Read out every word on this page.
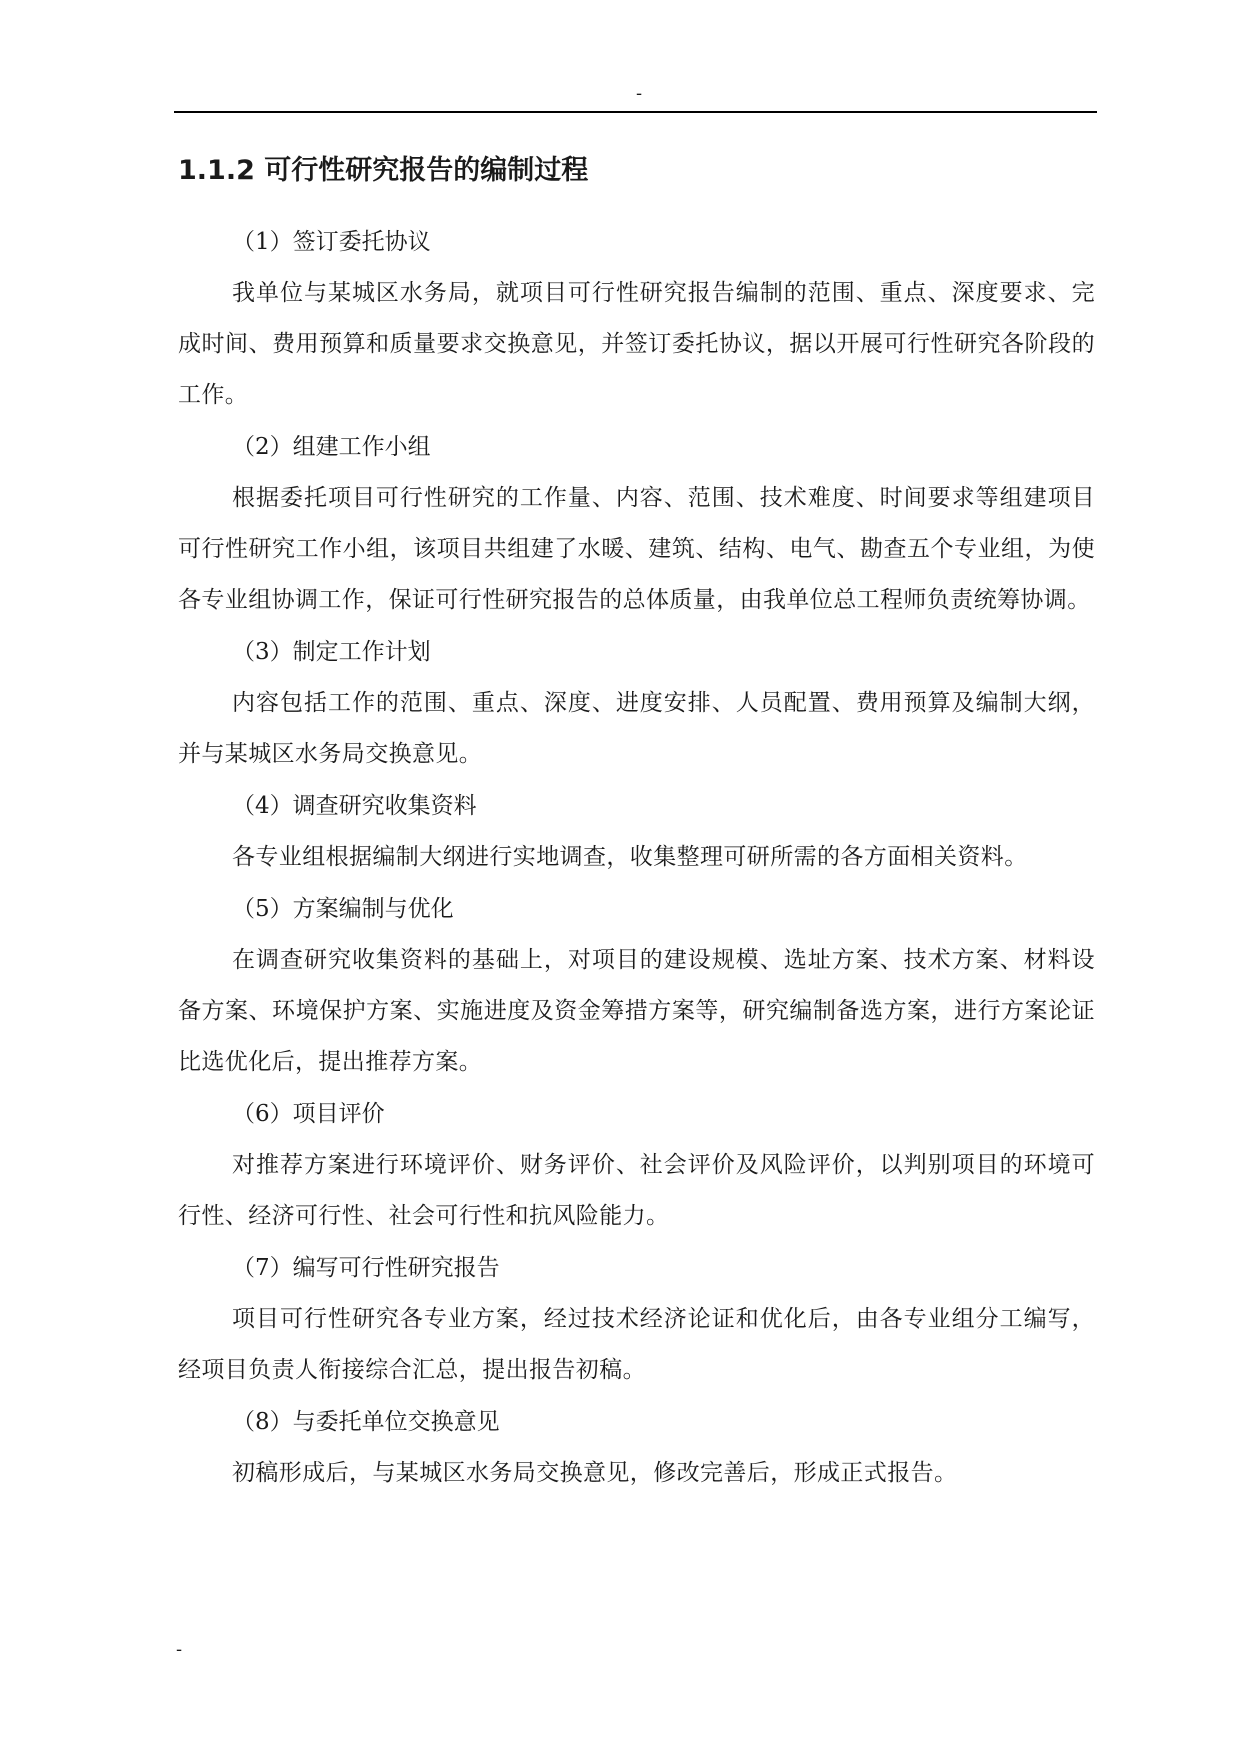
-
1.1.2 可行性研究报告的编制过程

（1）签订委托协议

我单位与某城区水务局，就项目可行性研究报告编制的范围、重点、深度要求、完成时间、费用预算和质量要求交换意见，并签订委托协议，据以开展可行性研究各阶段的工作。

（2）组建工作小组

根据委托项目可行性研究的工作量、内容、范围、技术难度、时间要求等组建项目可行性研究工作小组，该项目共组建了水暖、建筑、结构、电气、勘查五个专业组，为使各专业组协调工作，保证可行性研究报告的总体质量，由我单位总工程师负责统筹协调。

（3）制定工作计划

内容包括工作的范围、重点、深度、进度安排、人员配置、费用预算及编制大纲，并与某城区水务局交换意见。

（4）调查研究收集资料

各专业组根据编制大纲进行实地调查，收集整理可研所需的各方面相关资料。

（5）方案编制与优化

在调查研究收集资料的基础上，对项目的建设规模、选址方案、技术方案、材料设备方案、环境保护方案、实施进度及资金筹措方案等，研究编制备选方案，进行方案论证比选优化后，提出推荐方案。

（6）项目评价

对推荐方案进行环境评价、财务评价、社会评价及风险评价，以判别项目的环境可行性、经济可行性、社会可行性和抗风险能力。

（7）编写可行性研究报告

项目可行性研究各专业方案，经过技术经济论证和优化后，由各专业组分工编写，经项目负责人衔接综合汇总，提出报告初稿。

（8）与委托单位交换意见

初稿形成后，与某城区水务局交换意见，修改完善后，形成正式报告。

-
